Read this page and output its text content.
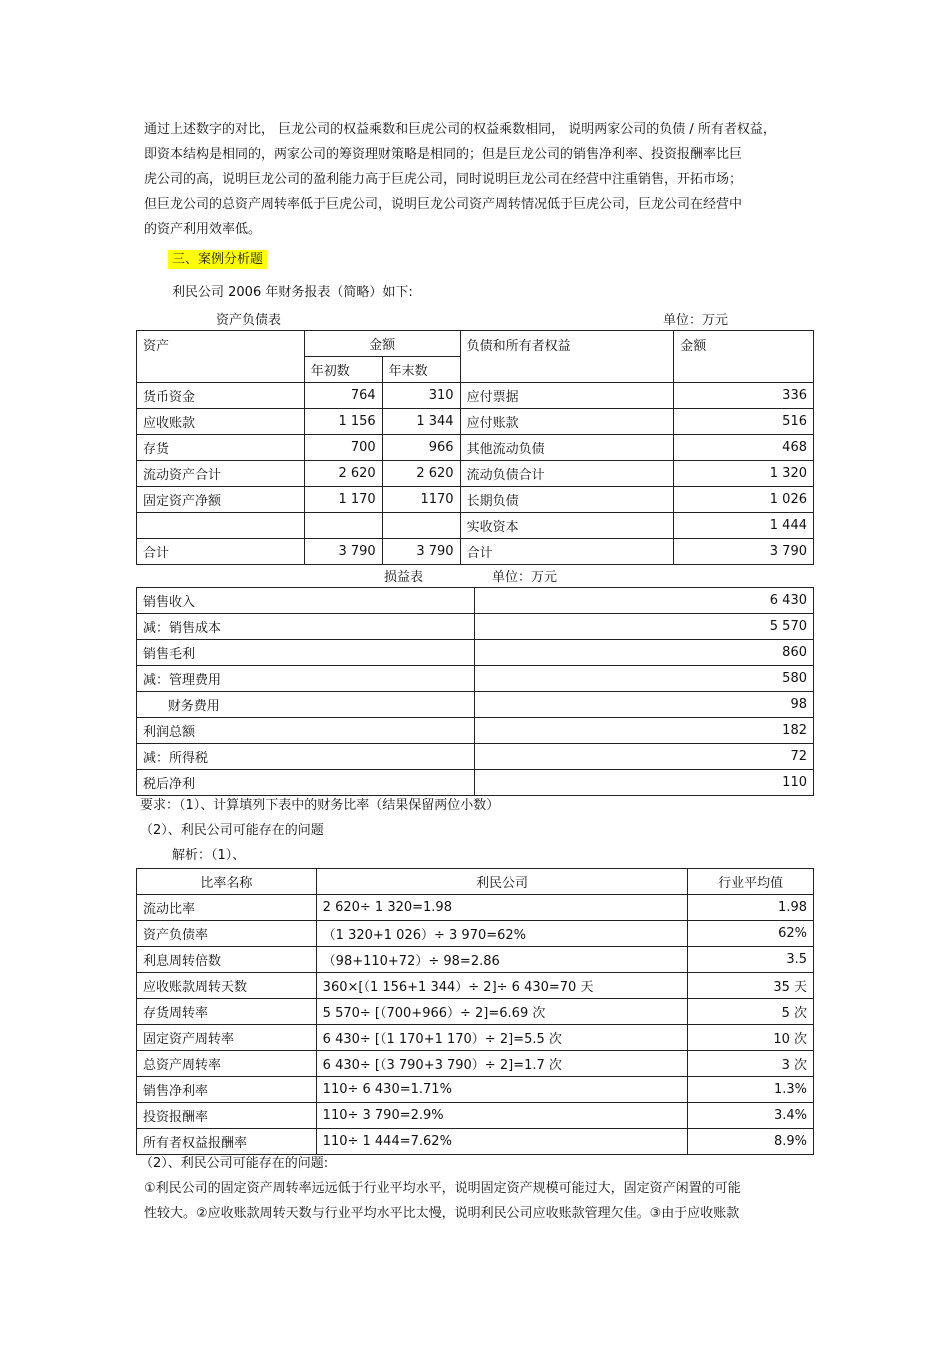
通过上述数字的对比， 巨龙公司的权益乘数和巨虎公司的权益乘数相同， 说明两家公司的负债 / 所有者权益，
即资本结构是相同的，两家公司的筹资理财策略是相同的；但是巨龙公司的销售净利率、投资报酬率比巨
虎公司的高，说明巨龙公司的盈利能力高于巨虎公司，同时说明巨龙公司在经营中注重销售，开拓市场；
但巨龙公司的总资产周转率低于巨虎公司，说明巨龙公司资产周转情况低于巨虎公司，巨龙公司在经营中
的资产利用效率低。
三、案例分析题
利民公司 2006 年财务报表（简略）如下:
资产负债表	单位：万元
资产	金额		负债和所有者权益	金额
	年初数	年末数		
货币资金	764	310	应付票据	336
应收账款	1 156	1 344	应付账款	516
存货	700	966	其他流动负债	468
流动资产合计	2 620	2 620	流动负债合计	1 320
固定资产净额	1 170	1170	长期负债	1 026
			实收资本	1 444
合计	3 790	3 790	合计	3 790
损益表	单位：万元
销售收入	6 430
减：销售成本	5 570
销售毛利	860
减：管理费用	580
财务费用	98
利润总额	182
减：所得税	72
税后净利	110
要求：（1）、计算填列下表中的财务比率（结果保留两位小数）
（2）、利民公司可能存在的问题
解析：（1）、
比率名称	利民公司	行业平均值
流动比率	2 620÷ 1 320=1.98	1.98
资产负债率	（1 320+1 026）÷ 3 970=62%	62%
利息周转倍数	（98+110+72）÷ 98=2.86	3.5
应收账款周转天数	360×[（1 156+1 344）÷ 2]÷ 6 430=70 天	35 天
存货周转率	5 570÷ [（700+966）÷ 2]=6.69 次	5 次
固定资产周转率	6 430÷ [（1 170+1 170）÷ 2]=5.5 次	10 次
总资产周转率	6 430÷ [（3 790+3 790）÷ 2]=1.7 次	3 次
销售净利率	110÷ 6 430=1.71%	1.3%
投资报酬率	110÷ 3 790=2.9%	3.4%
所有者权益报酬率	110÷ 1 444=7.62%	8.9%
（2）、利民公司可能存在的问题:
①利民公司的固定资产周转率远远低于行业平均水平，说明固定资产规模可能过大，固定资产闲置的可能
性较大。②应收账款周转天数与行业平均水平比太慢，说明利民公司应收账款管理欠佳。③由于应收账款
